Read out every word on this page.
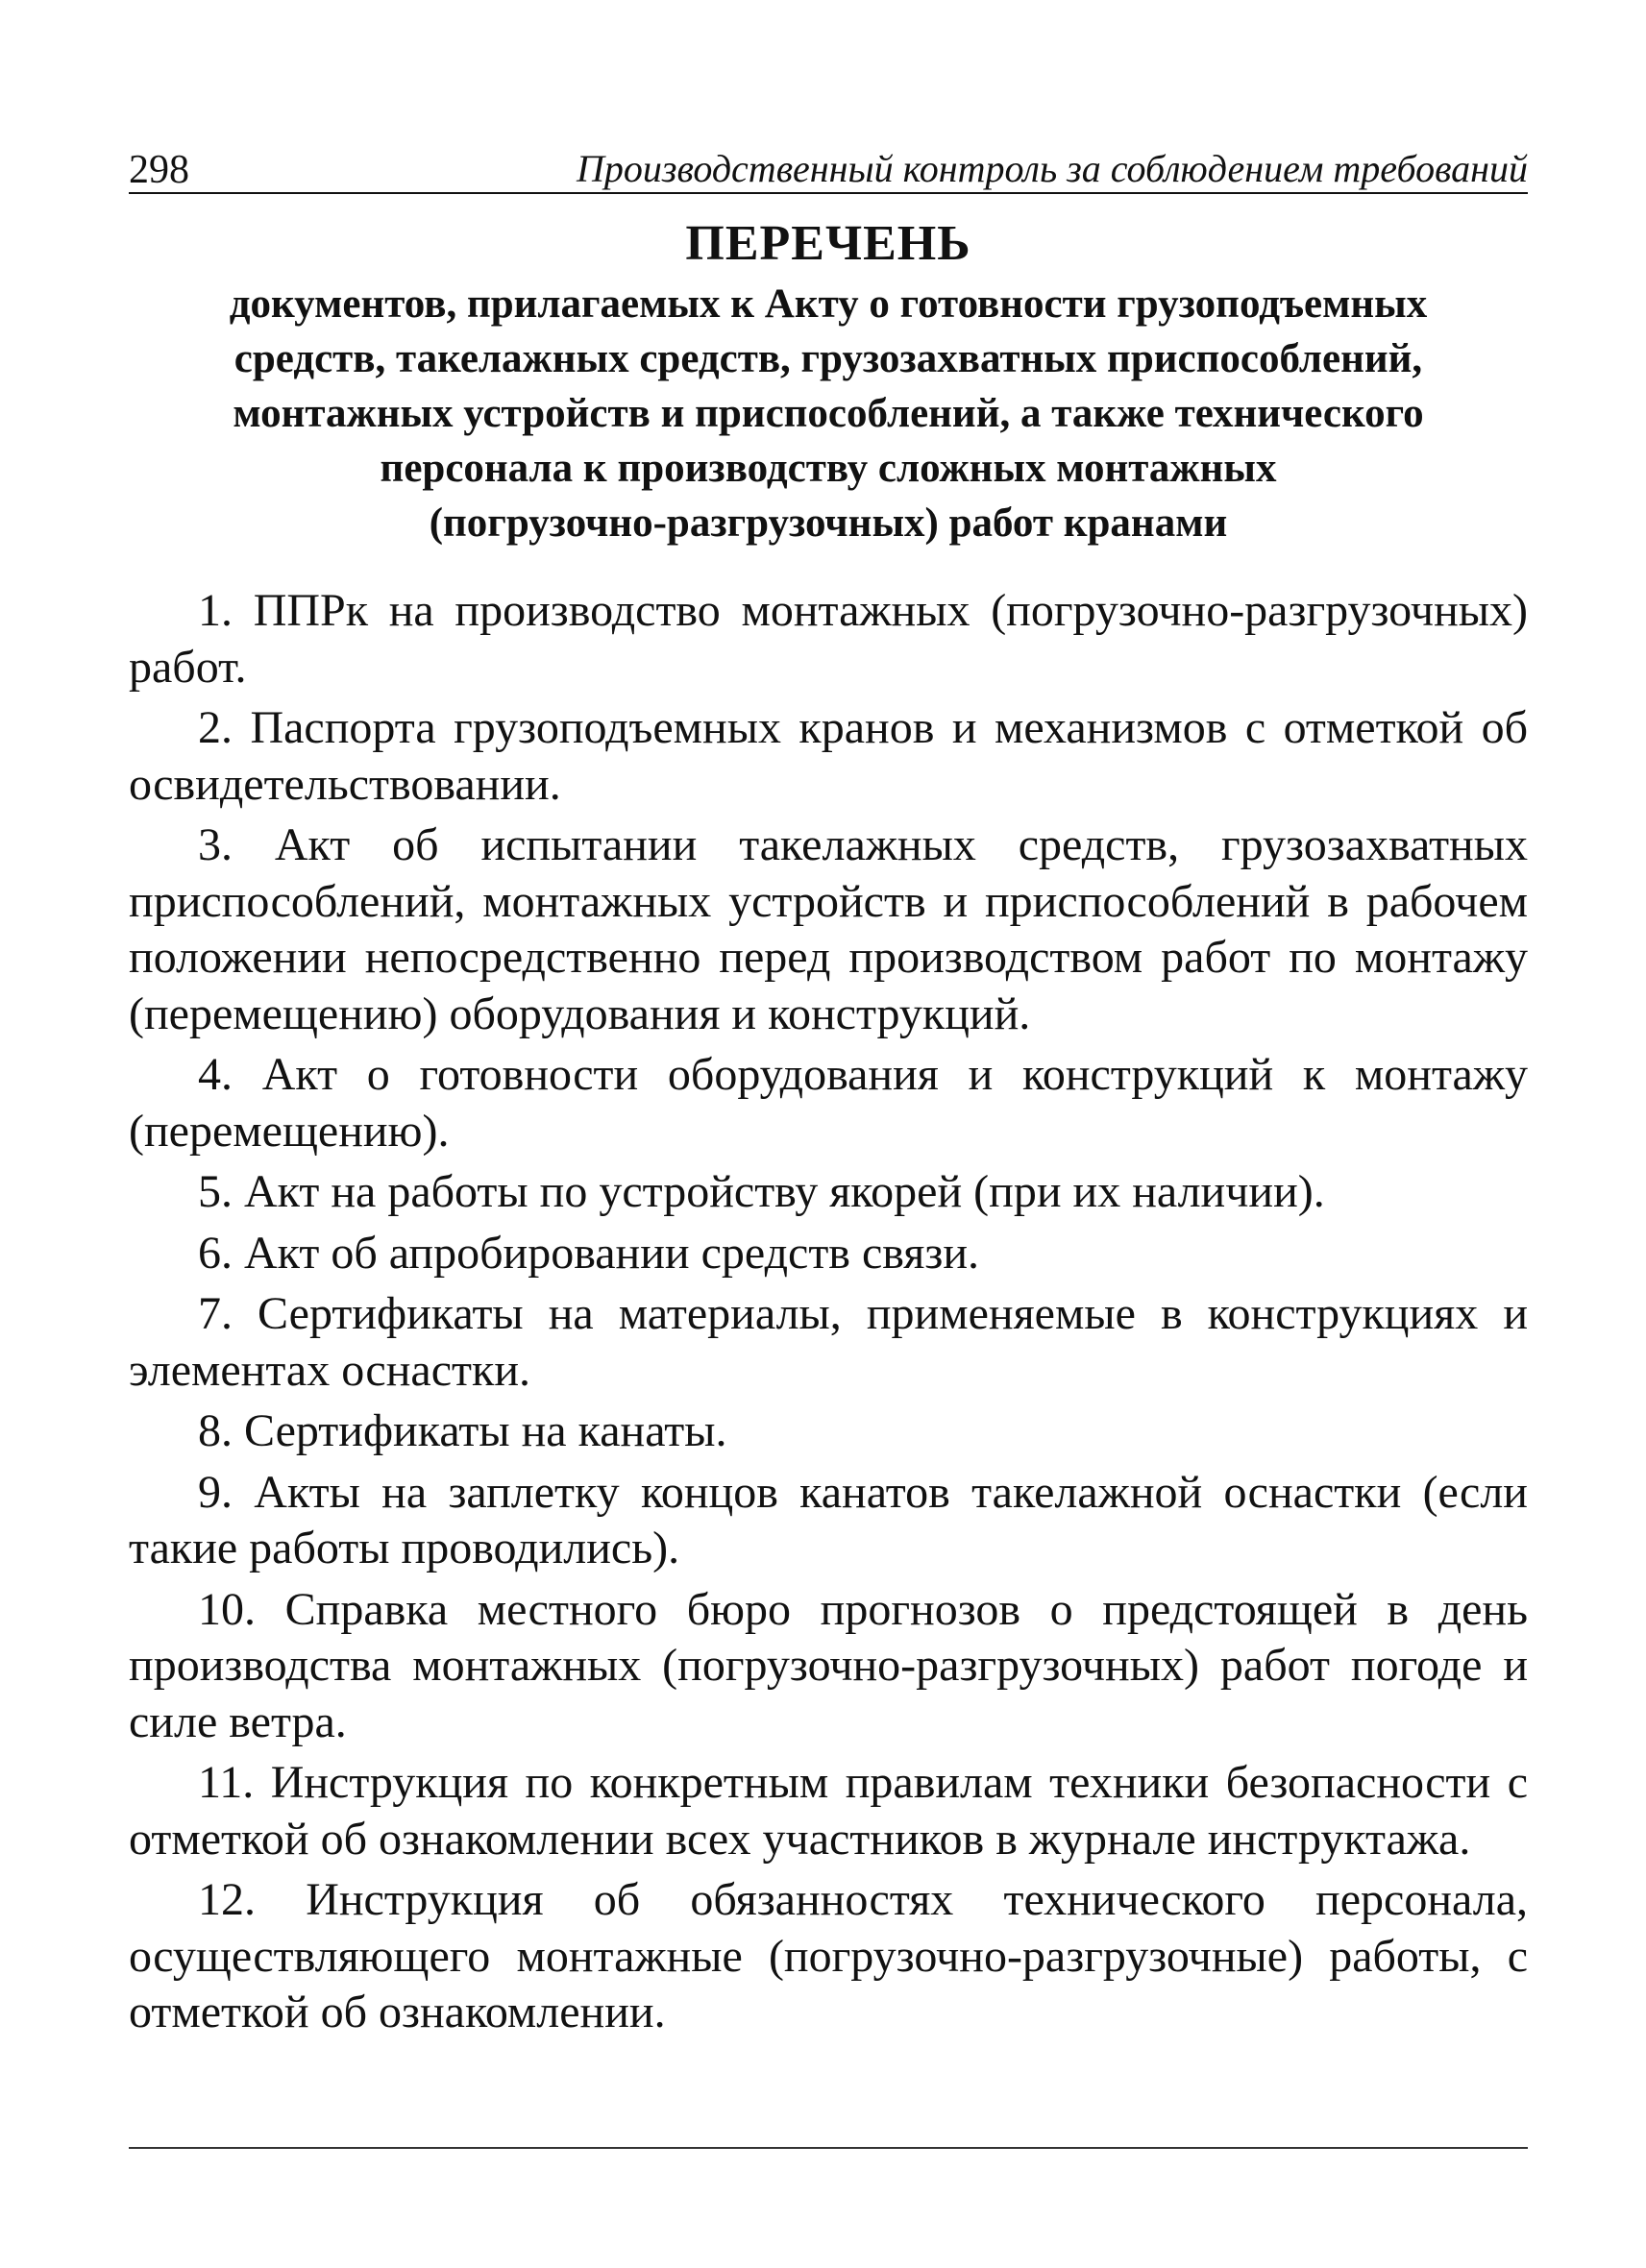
298	Производственный контроль за соблюдением требований
ПЕРЕЧЕНЬ
документов, прилагаемых к Акту о готовности грузоподъемных
средств, такелажных средств, грузозахватных приспособлений,
монтажных устройств и приспособлений, а также технического
персонала к производству сложных монтажных
(погрузочно-разгрузочных) работ кранами

1. ППРк на производство монтажных (погрузочно-разгрузочных) работ.

2. Паспорта грузоподъемных кранов и механизмов с отметкой об освидетельствовании.

3. Акт об испытании такелажных средств, грузозахватных приспособлений, монтажных устройств и приспособлений в рабочем положении непосредственно перед производством работ по монтажу (перемещению) оборудования и конструкций.

4. Акт о готовности оборудования и конструкций к монтажу (перемещению).

5. Акт на работы по устройству якорей (при их наличии).

6. Акт об апробировании средств связи.

7. Сертификаты на материалы, применяемые в конструкциях и элементах оснастки.

8. Сертификаты на канаты.

9. Акты на заплетку концов канатов такелажной оснастки (если такие работы проводились).

10. Справка местного бюро прогнозов о предстоящей в день производства монтажных (погрузочно-разгрузочных) работ погоде и силе ветра.

11. Инструкция по конкретным правилам техники безопасности с отметкой об ознакомлении всех участников в журнале инструктажа.

12. Инструкция об обязанностях технического персонала, осуществляющего монтажные (погрузочно-разгрузочные) работы, с отметкой об ознакомлении.
